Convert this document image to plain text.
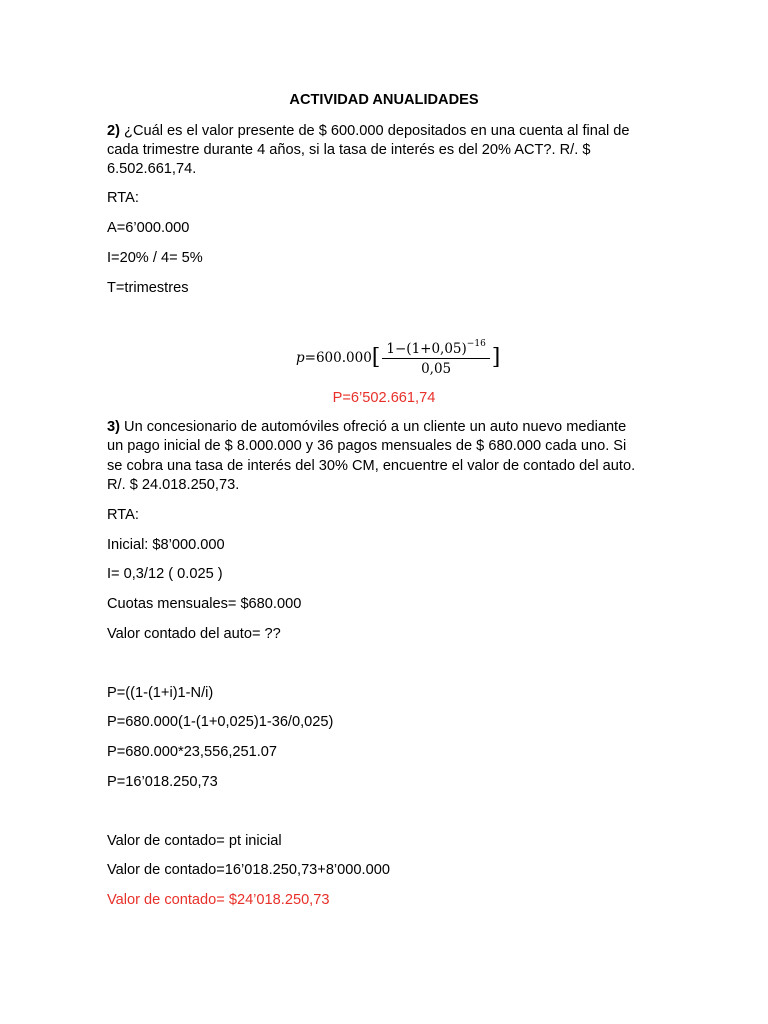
ACTIVIDAD ANUALIDADES
2) ¿Cuál es el valor presente de $ 600.000 depositados en una cuenta al final de
cada trimestre durante 4 años, si la tasa de interés es del 20% ACT?. R/. $
6.502.661,74.
RTA:
A=6’000.000
I=20% / 4= 5%
T=trimestres
p =600.000 [ $\frac{1-(1+0,05)^{-16}}{0,05}$ ]
P=6’502.661,74
3) Un concesionario de automóviles ofreció a un cliente un auto nuevo mediante
un pago inicial de $ 8.000.000 y 36 pagos mensuales de $ 680.000 cada uno. Si
se cobra una tasa de interés del 30% CM, encuentre el valor de contado del auto.
R/. $ 24.018.250,73.
RTA:
Inicial: $8’000.000
I= 0,3/12 ( 0.025 )
Cuotas mensuales= $680.000
Valor contado del auto= ??
P=((1-(1+i)1-N/i)
P=680.000(1-(1+0,025)1-36/0,025)
P=680.000*23,556,251.07
P=16’018.250,73
Valor de contado= pt inicial
Valor de contado=16’018.250,73+8’000.000
Valor de contado= $24’018.250,73
